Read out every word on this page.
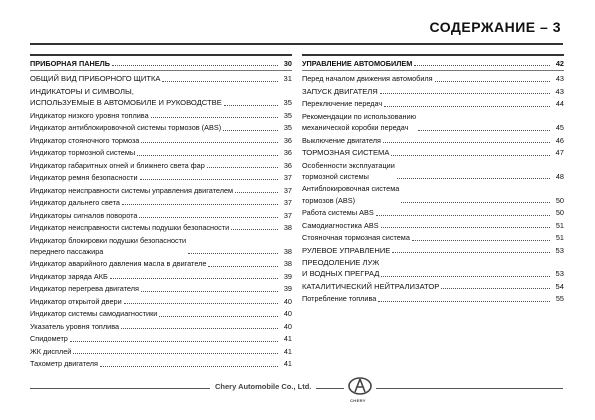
СОДЕРЖАНИЕ – 3
ПРИБОРНАЯ ПАНЕЛЬ	30
ОБЩИЙ ВИД ПРИБОРНОГО ЩИТКА	31
ИНДИКАТОРЫ И СИМВОЛЫ,
ИСПОЛЬЗУЕМЫЕ В АВТОМОБИЛЕ И РУКОВОДСТВЕ	35
Индикатор низкого уровня топлива	35
Индикатор антиблокировочной системы тормозов (ABS)	35
Индикатор стояночного тормоза	36
Индикатор тормозной системы	36
Индикатор габаритных огней и ближнего света фар	36
Индикатор ремня безопасности	37
Индикатор неисправности системы управления двигателем	37
Индикатор дальнего света	37
Индикаторы сигналов поворота	37
Индикатор неисправности системы подушки безопасности	38
Индикатор блокировки подушки безопасности
переднего пассажира	38
Индикатор аварийного давления масла в двигателе	38
Индикатор заряда АКБ	39
Индикатор перегрева двигателя	39
Индикатор открытой двери	40
Индикатор системы самодиагностики	40
Указатель уровня топлива	40
Спидометр	41
ЖК дисплей	41
Тахометр двигателя	41
УПРАВЛЕНИЕ АВТОМОБИЛЕМ	42
Перед началом движения автомобиля	43
ЗАПУСК ДВИГАТЕЛЯ	43
Переключение передач	44
Рекомендации по использованию
механической коробки передач	45
Выключение двигателя	46
ТОРМОЗНАЯ СИСТЕМА	47
Особенности эксплуатации
тормозной системы	48
Антиблокировочная система
тормозов (ABS)	50
Работа системы ABS	50
Самодиагностика ABS	51
Стояночная тормозная система	51
РУЛЕВОЕ УПРАВЛЕНИЕ	53
ПРЕОДОЛЕНИЕ ЛУЖ
И ВОДНЫХ ПРЕГРАД	53
КАТАЛИТИЧЕСКИЙ НЕЙТРАЛИЗАТОР	54
Потребление топлива	55
Chery Automobile Co., Ltd.
CHERY
